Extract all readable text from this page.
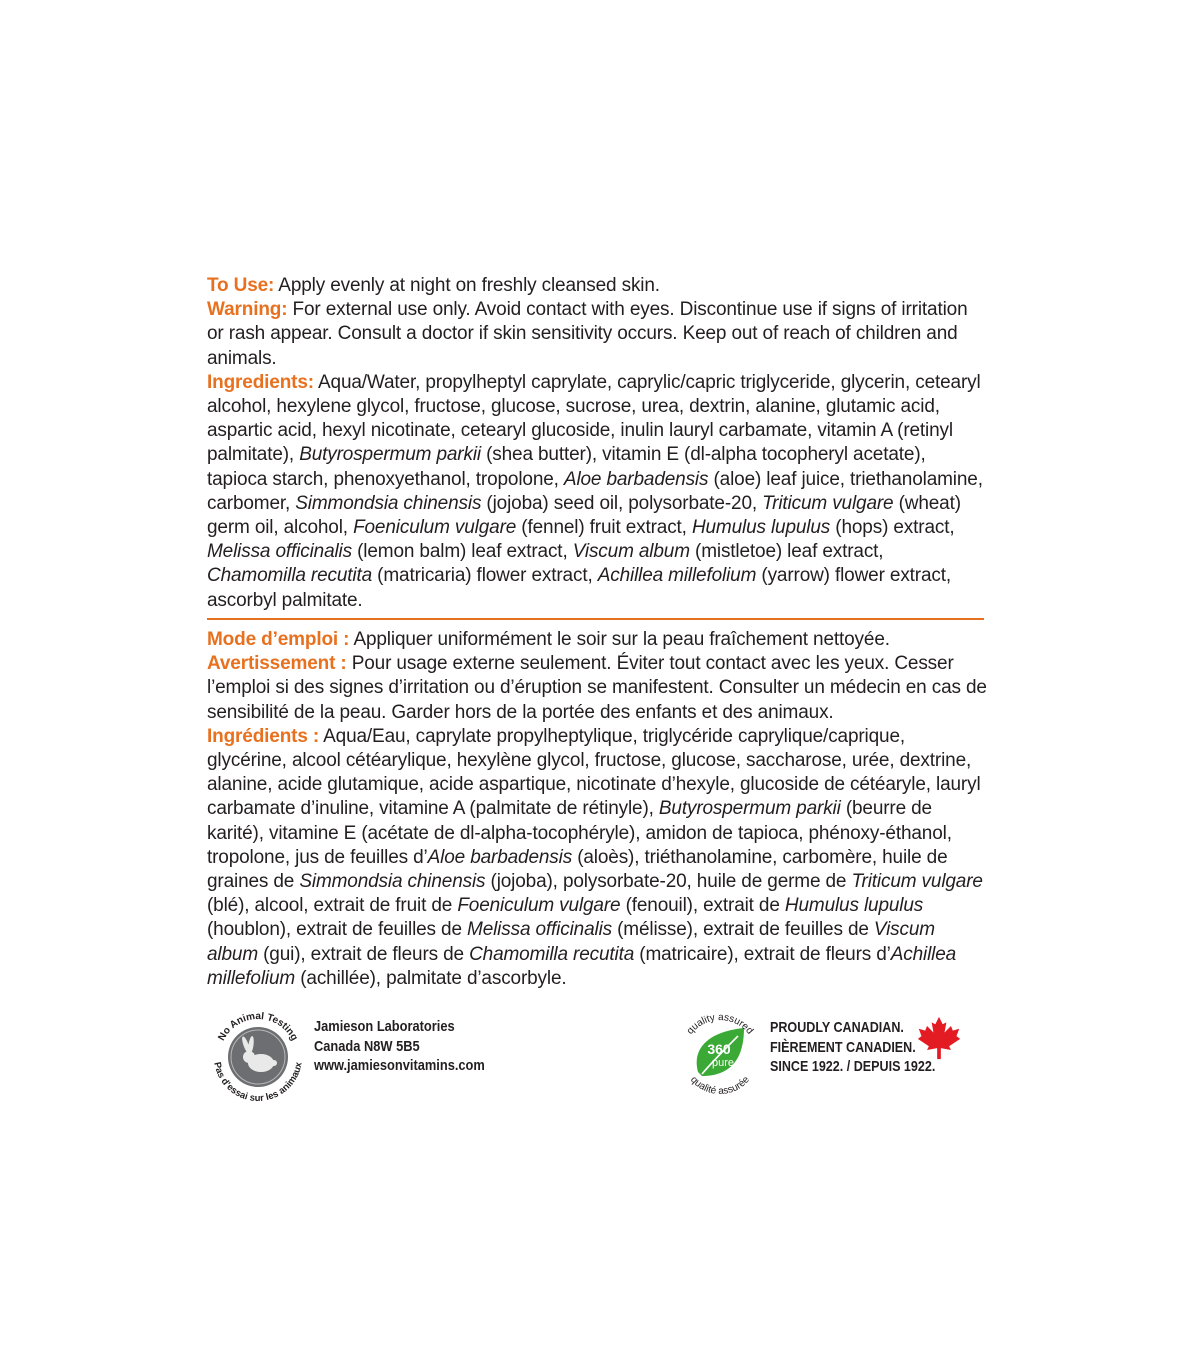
To Use: Apply evenly at night on freshly cleansed skin.

Warning: For external use only. Avoid contact with eyes. Discontinue use if signs of irritation or rash appear. Consult a doctor if skin sensitivity occurs. Keep out of reach of children and animals.

Ingredients: Aqua/Water, propylheptyl caprylate, caprylic/capric triglyceride, glycerin, cetearyl alcohol, hexylene glycol, fructose, glucose, sucrose, urea, dextrin, alanine, glutamic acid, aspartic acid, hexyl nicotinate, cetearyl glucoside, inulin lauryl carbamate, vitamin A (retinyl palmitate), Butyrospermum parkii (shea butter), vitamin E (dl-alpha tocopheryl acetate), tapioca starch, phenoxyethanol, tropolone, Aloe barbadensis (aloe) leaf juice, triethanolamine, carbomer, Simmondsia chinensis (jojoba) seed oil, polysorbate-20, Triticum vulgare (wheat) germ oil, alcohol, Foeniculum vulgare (fennel) fruit extract, Humulus lupulus (hops) extract, Melissa officinalis (lemon balm) leaf extract, Viscum album (mistletoe) leaf extract, Chamomilla recutita (matricaria) flower extract, Achillea millefolium (yarrow) flower extract, ascorbyl palmitate.

Mode d’emploi : Appliquer uniformément le soir sur la peau fraîchement nettoyée.

Avertissement : Pour usage externe seulement. Éviter tout contact avec les yeux. Cesser l’emploi si des signes d’irritation ou d’éruption se manifestent. Consulter un médecin en cas de sensibilité de la peau. Garder hors de la portée des enfants et des animaux.

Ingrédients : Aqua/Eau, caprylate propylheptylique, triglycéride caprylique/caprique, glycérine, alcool cétéarylique, hexylène glycol, fructose, glucose, saccharose, urée, dextrine, alanine, acide glutamique, acide aspartique, nicotinate d’hexyle, glucoside de cétéaryle, lauryl carbamate d’inuline, vitamine A (palmitate de rétinyle), Butyrospermum parkii (beurre de karité), vitamine E (acétate de dl-alpha-tocophéryle), amidon de tapioca, phénoxy-éthanol, tropolone, jus de feuilles d’Aloe barbadensis (aloès), triéthanolamine, carbomère, huile de graines de Simmondsia chinensis (jojoba), polysorbate-20, huile de germe de Triticum vulgare (blé), alcool, extrait de fruit de Foeniculum vulgare (fenouil), extrait de Humulus lupulus (houblon), extrait de feuilles de Melissa officinalis (mélisse), extrait de feuilles de Viscum album (gui), extrait de fleurs de Chamomilla recutita (matricaire), extrait de fleurs d’Achillea millefolium (achillée), palmitate d’ascorbyle.

No Animal Testing
Pas d’essai sur les animaux
Jamieson Laboratories
Canada N8W 5B5
www.jamiesonvitamins.com
360
pure
quality assured
qualité assurée
PROUDLY CANADIAN.
FIÈREMENT CANADIEN.
SINCE 1922. / DEPUIS 1922.
